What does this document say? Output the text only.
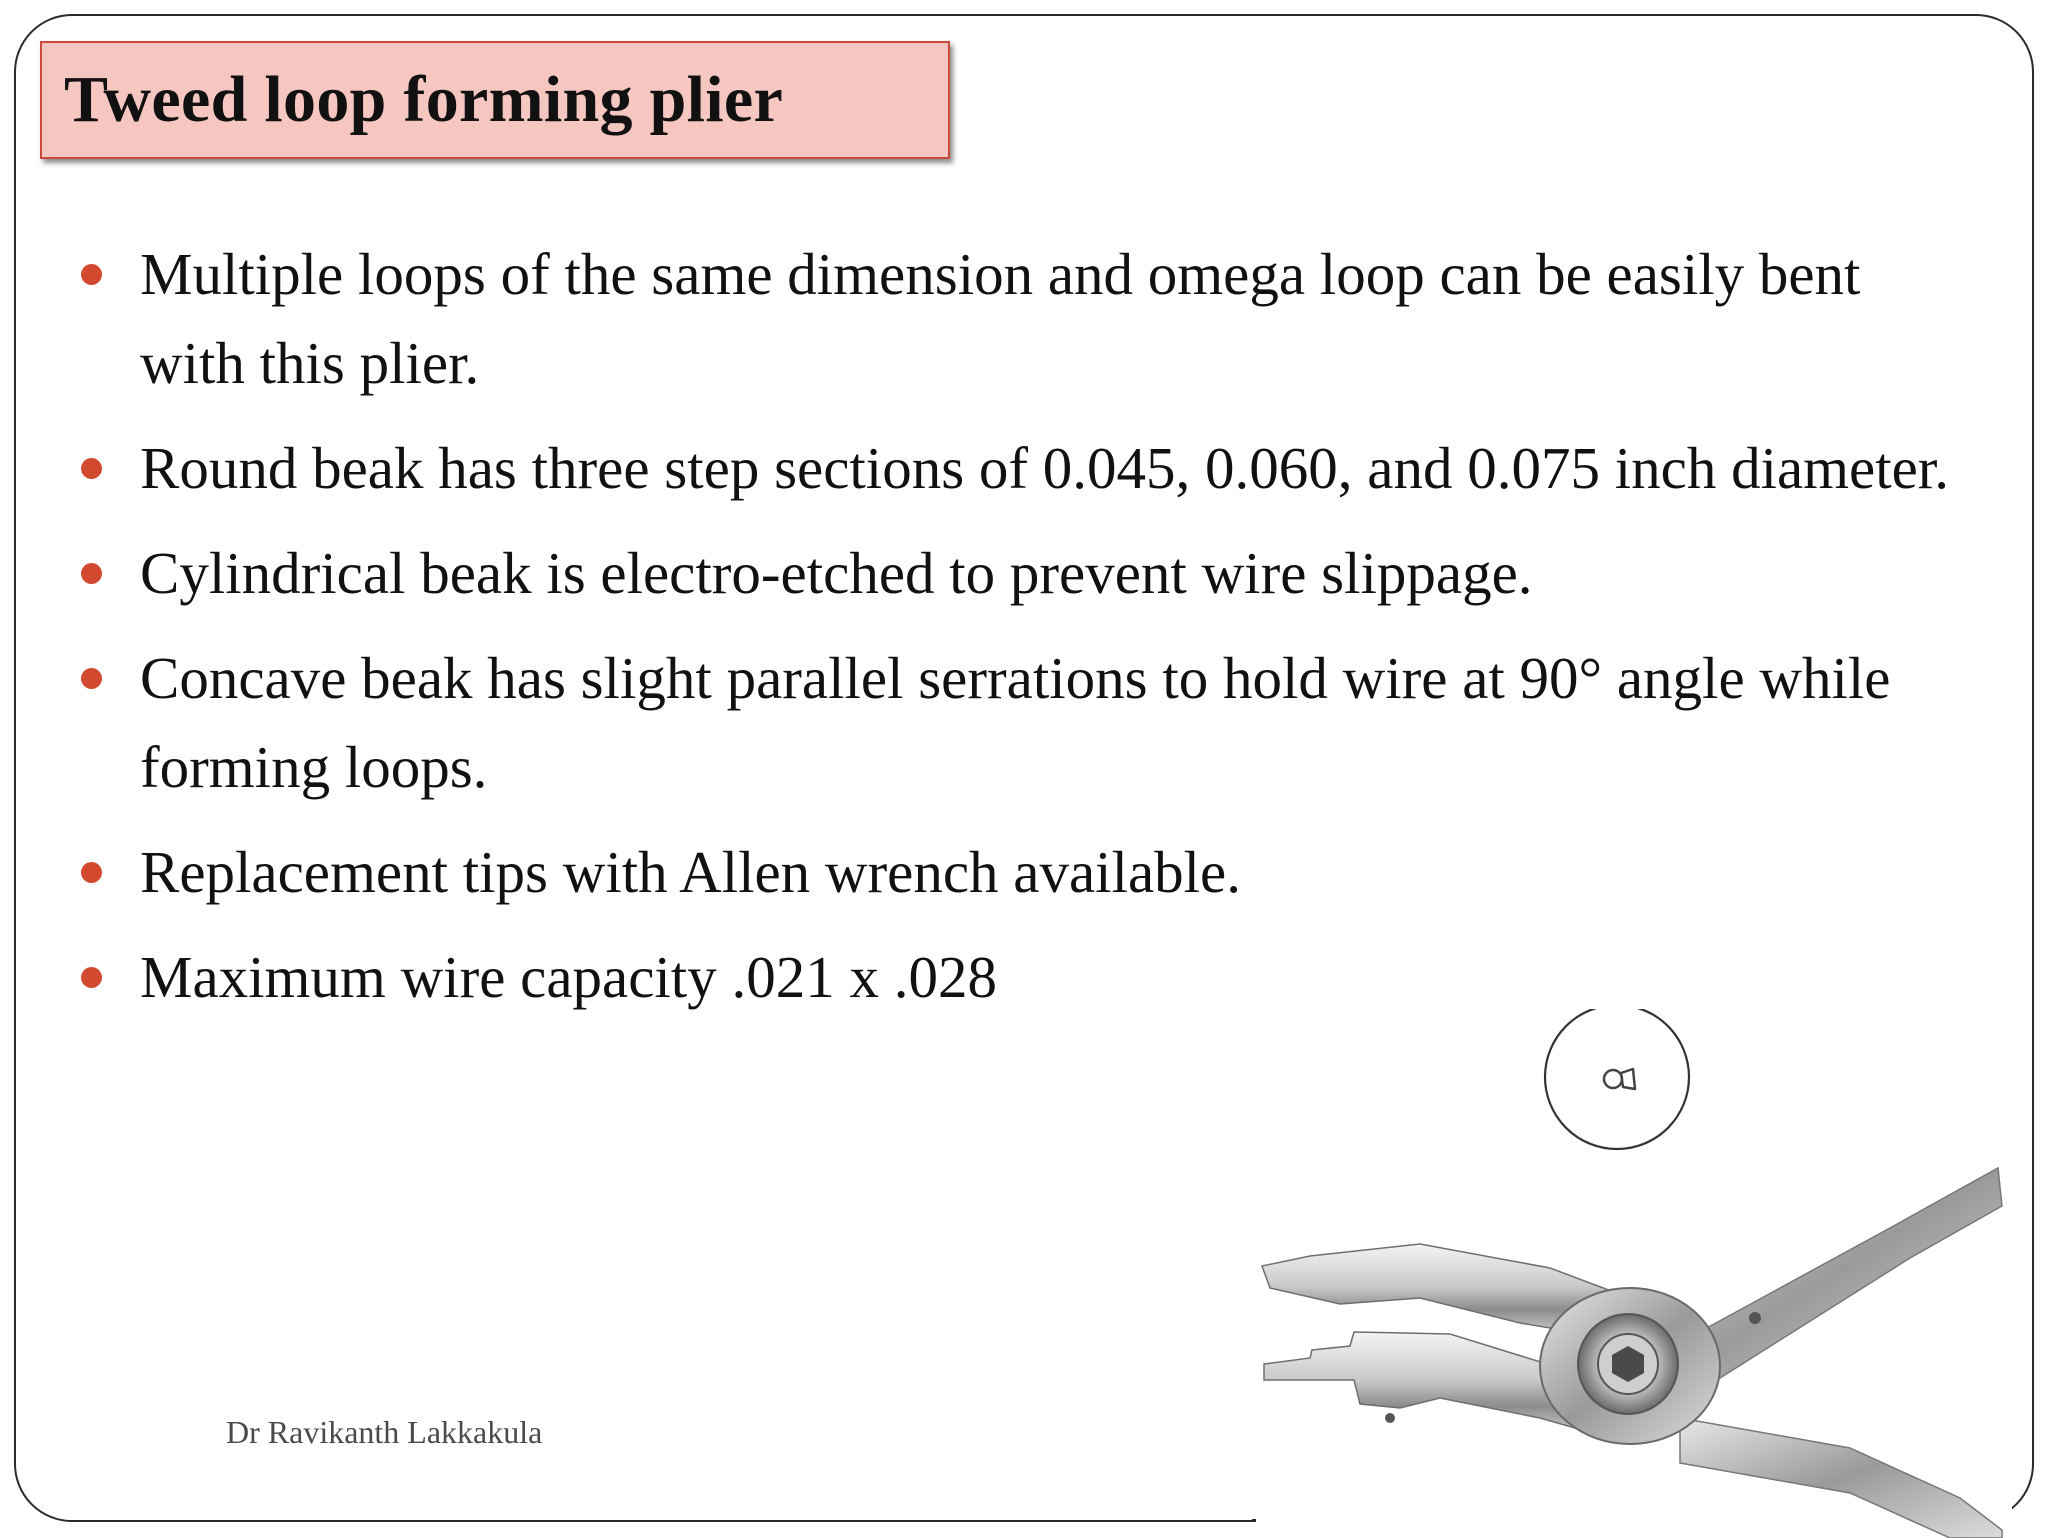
Tweed loop forming plier
Multiple loops of the same dimension and omega loop can be easily bent with this plier.
Round beak has three step sections of 0.045, 0.060, and 0.075 inch diameter.
Cylindrical beak is electro-etched to prevent wire slippage.
Concave beak has slight parallel serrations to hold wire at 90° angle while forming loops.
Replacement tips with Allen wrench available.
Maximum wire capacity .021 x .028
Dr Ravikanth Lakkakula
